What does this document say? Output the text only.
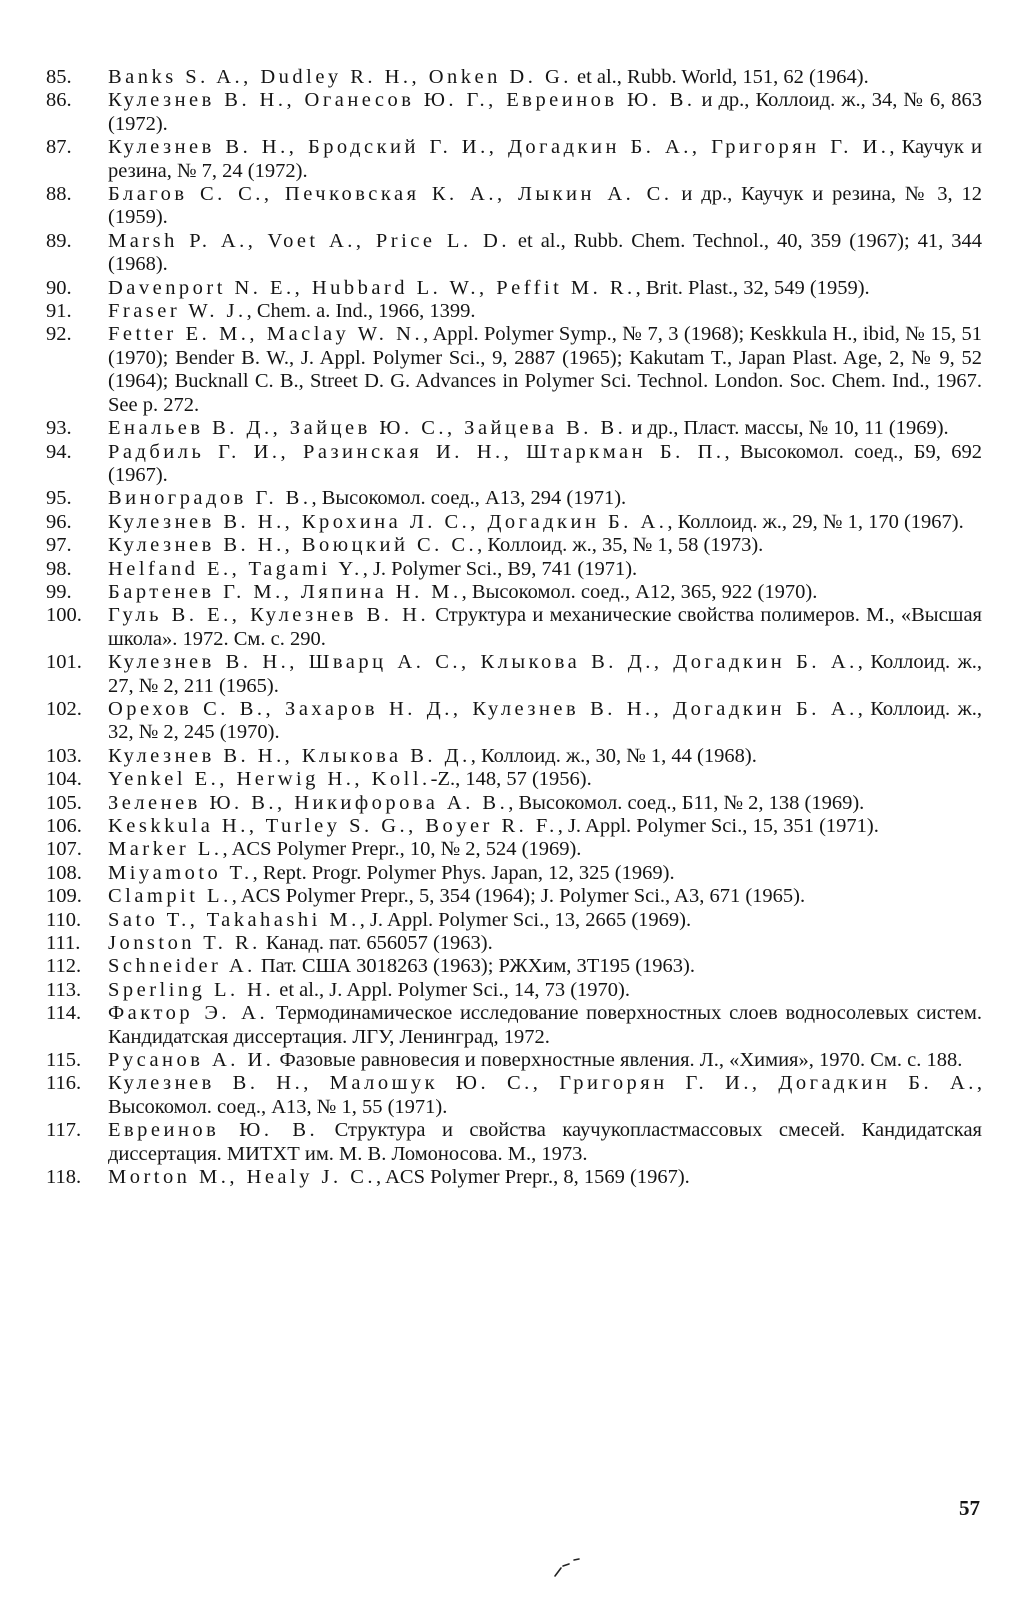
85.	Banks S. A., Dudley R. H., Onken D. G. et al., Rubb. World, 151, 62 (1964).
86.	Кулезнев В. Н., Оганесов Ю. Г., Евреинов Ю. В. и др., Коллоид. ж., 34, № 6, 863 (1972).
87.	Кулезнев В. Н., Бродский Г. И., Догадкин Б. А., Григорян Г. И., Каучук и резина, № 7, 24 (1972).
88.	Благов С. С., Печковская К. А., Лыкин А. С. и др., Каучук и резина, № 3, 12 (1959).
89.	Marsh P. A., Voet A., Price L. D. et al., Rubb. Chem. Technol., 40, 359 (1967); 41, 344 (1968).
90.	Davenport N. E., Hubbard L. W., Peffit M. R., Brit. Plast., 32, 549 (1959).
91.	Fraser W. J., Chem. a. Ind., 1966, 1399.
92.	Fetter E. M., Maclay W. N., Appl. Polymer Symp., № 7, 3 (1968); Keskkula H., ibid, № 15, 51 (1970); Bender B. W., J. Appl. Polymer Sci., 9, 2887 (1965); Kakutam T., Japan Plast. Age, 2, № 9, 52 (1964); Bucknall C. B., Street D. G. Advances in Polymer Sci. Technol. London. Soc. Chem. Ind., 1967. See p. 272.
93.	Енальев В. Д., Зайцев Ю. С., Зайцева В. В. и др., Пласт. массы, № 10, 11 (1969).
94.	Радбиль Г. И., Разинская И. Н., Штаркман Б. П., Высокомол. соед., Б9, 692 (1967).
95.	Виноградов Г. В., Высокомол. соед., А13, 294 (1971).
96.	Кулезнев В. Н., Крохина Л. С., Догадкин Б. А., Коллоид. ж., 29, № 1, 170 (1967).
97.	Кулезнев В. Н., Воюцкий С. С., Коллоид. ж., 35, № 1, 58 (1973).
98.	Helfand E., Tagami Y., J. Polymer Sci., B9, 741 (1971).
99.	Бартенев Г. М., Ляпина Н. М., Высокомол. соед., А12, 365, 922 (1970).
100.	Гуль В. Е., Кулезнев В. Н. Структура и механические свойства полимеров. М., «Высшая школа». 1972. См. с. 290.
101.	Кулезнев В. Н., Шварц А. С., Клыкова В. Д., Догадкин Б. А., Коллоид. ж., 27, № 2, 211 (1965).
102.	Орехов С. В., Захаров Н. Д., Кулезнев В. Н., Догадкин Б. А., Коллоид. ж., 32, № 2, 245 (1970).
103.	Кулезнев В. Н., Клыкова В. Д., Коллоид. ж., 30, № 1, 44 (1968).
104.	Yenkel E., Herwig H., Koll.-Z., 148, 57 (1956).
105.	Зеленев Ю. В., Никифорова А. В., Высокомол. соед., Б11, № 2, 138 (1969).
106.	Keskkula H., Turley S. G., Boyer R. F., J. Appl. Polymer Sci., 15, 351 (1971).
107.	Marker L., ACS Polymer Prepr., 10, № 2, 524 (1969).
108.	Miyamoto T., Rept. Progr. Polymer Phys. Japan, 12, 325 (1969).
109.	Clampit L., ACS Polymer Prepr., 5, 354 (1964); J. Polymer Sci., A3, 671 (1965).
110.	Sato T., Takahashi M., J. Appl. Polymer Sci., 13, 2665 (1969).
111.	Jonston T. R. Канад. пат. 656057 (1963).
112.	Schneider A. Пат. США 3018263 (1963); РЖХим, 3Т195 (1963).
113.	Sperling L. H. et al., J. Appl. Polymer Sci., 14, 73 (1970).
114.	Фактор Э. А. Термодинамическое исследование поверхностных слоев водносолевых систем. Кандидатская диссертация. ЛГУ, Ленинград, 1972.
115.	Русанов А. И. Фазовые равновесия и поверхностные явления. Л., «Химия», 1970. См. с. 188.
116.	Кулезнев В. Н., Малошук Ю. С., Григорян Г. И., Догадкин Б. А., Высокомол. соед., А13, № 1, 55 (1971).
117.	Евреинов Ю. В. Структура и свойства каучукопластмассовых смесей. Кандидатская диссертация. МИТХТ им. М. В. Ломоносова. М., 1973.
118.	Morton M., Healy J. C., ACS Polymer Prepr., 8, 1569 (1967).
57
